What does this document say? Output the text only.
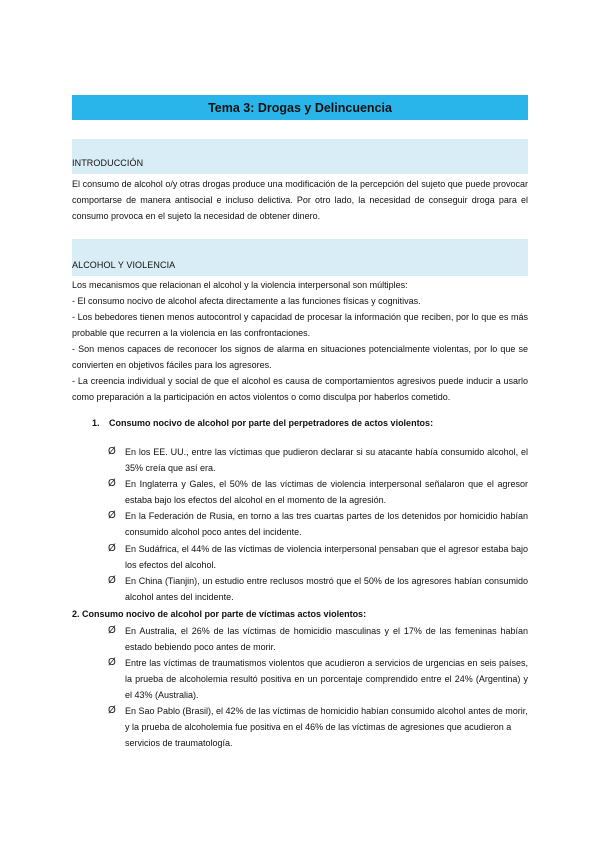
Tema 3: Drogas y Delincuencia
INTRODUCCIÓN

El consumo de alcohol o/y otras drogas produce una modificación de la percepción del sujeto que puede provocar comportarse de manera antisocial e incluso delictiva. Por otro lado, la necesidad de conseguir droga para el consumo provoca en el sujeto la necesidad de obtener dinero.

ALCOHOL Y VIOLENCIA
Los mecanismos que relacionan el alcohol y la violencia interpersonal son múltiples:
- El consumo nocivo de alcohol afecta directamente a las funciones físicas y cognitivas.
- Los bebedores tienen menos autocontrol y capacidad de procesar la información que reciben, por lo que es más probable que recurren a la violencia en las confrontaciones.
- Son menos capaces de reconocer los signos de alarma en situaciones potencialmente violentas, por lo que se convierten en objetivos fáciles para los agresores.
- La creencia individual y social de que el alcohol es causa de comportamientos agresivos puede inducir a usarlo como preparación a la participación en actos violentos o como disculpa por haberlos cometido.
1. Consumo nocivo de alcohol por parte del perpetradores de actos violentos:
Ø En los EE. UU., entre las víctimas que pudieron declarar si su atacante había consumido alcohol, el 35% creía que así era.
Ø En Inglaterra y Gales, el 50% de las víctimas de violencia interpersonal señalaron que el agresor estaba bajo los efectos del alcohol en el momento de la agresión.
Ø En la Federación de Rusia, en torno a las tres cuartas partes de los detenidos por homicidio habían consumido alcohol poco antes del incidente.
Ø En Sudáfrica, el 44% de las víctimas de violencia interpersonal pensaban que el agresor estaba bajo los efectos del alcohol.
Ø En China (Tianjin), un estudio entre reclusos mostró que el 50% de los agresores habían consumido alcohol antes del incidente.
2. Consumo nocivo de alcohol por parte de víctimas actos violentos:
Ø En Australia, el 26% de las víctimas de homicidio masculinas y el 17% de las femeninas habían estado bebiendo poco antes de morir.
Ø Entre las víctimas de traumatismos violentos que acudieron a servicios de urgencias en seis países, la prueba de alcoholemia resultó positiva en un porcentaje comprendido entre el 24% (Argentina) y el 43% (Australia).
Ø En Sao Pablo (Brasil), el 42% de las víctimas de homicidio habían consumido alcohol antes de morir, y la prueba de alcoholemia fue positiva en el 46% de las víctimas de agresiones que acudieron a servicios de traumatología.
